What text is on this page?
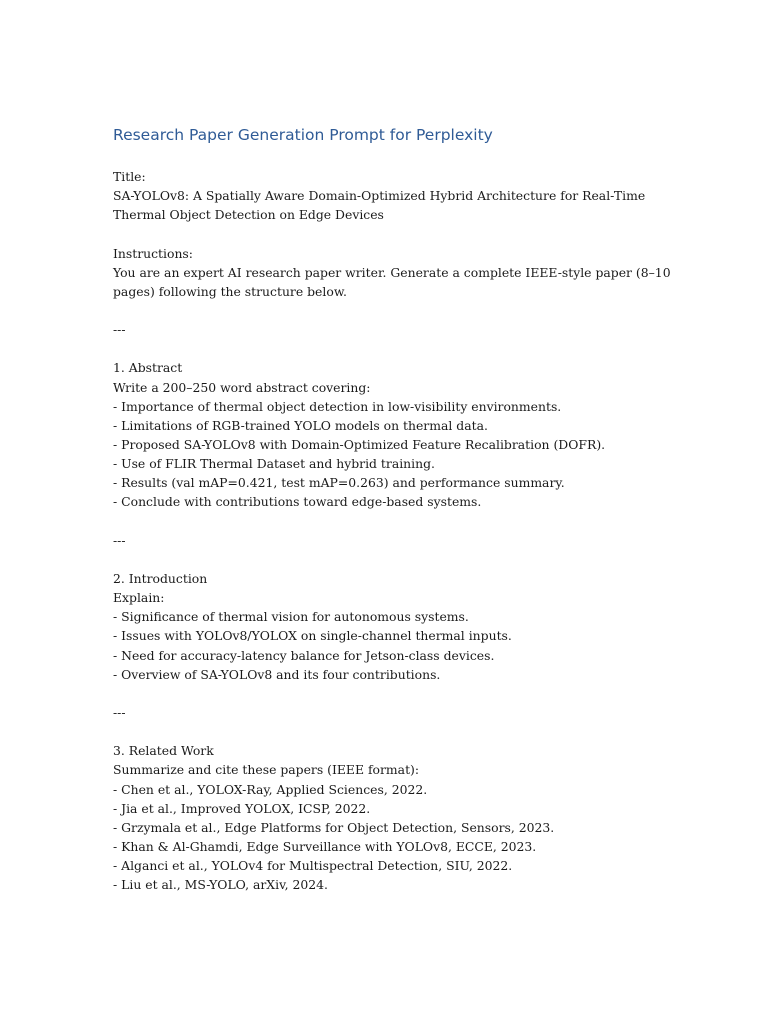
Research Paper Generation Prompt for Perplexity
Title:
SA-YOLOv8: A Spatially Aware Domain-Optimized Hybrid Architecture for Real-Time
Thermal Object Detection on Edge Devices
Instructions:
You are an expert AI research paper writer. Generate a complete IEEE-style paper (8–10
pages) following the structure below.
---
1. Abstract
Write a 200–250 word abstract covering:
- Importance of thermal object detection in low-visibility environments.
- Limitations of RGB-trained YOLO models on thermal data.
- Proposed SA-YOLOv8 with Domain-Optimized Feature Recalibration (DOFR).
- Use of FLIR Thermal Dataset and hybrid training.
- Results (val mAP=0.421, test mAP=0.263) and performance summary.
- Conclude with contributions toward edge-based systems.
---
2. Introduction
Explain:
- Significance of thermal vision for autonomous systems.
- Issues with YOLOv8/YOLOX on single-channel thermal inputs.
- Need for accuracy-latency balance for Jetson-class devices.
- Overview of SA-YOLOv8 and its four contributions.
---
3. Related Work
Summarize and cite these papers (IEEE format):
- Chen et al., YOLOX-Ray, Applied Sciences, 2022.
- Jia et al., Improved YOLOX, ICSP, 2022.
- Grzymala et al., Edge Platforms for Object Detection, Sensors, 2023.
- Khan & Al-Ghamdi, Edge Surveillance with YOLOv8, ECCE, 2023.
- Alganci et al., YOLOv4 for Multispectral Detection, SIU, 2022.
- Liu et al., MS-YOLO, arXiv, 2024.
